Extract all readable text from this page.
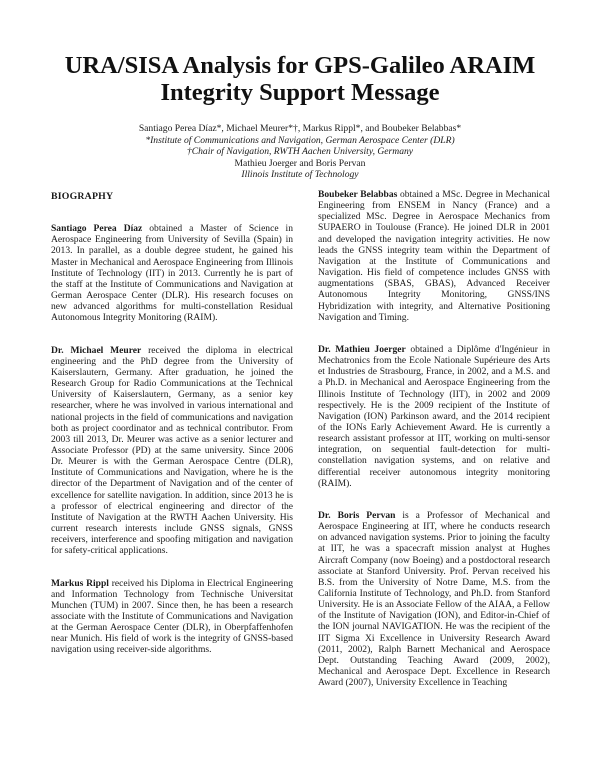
URA/SISA Analysis for GPS-Galileo ARAIM
Integrity Support Message
Santiago Perea Díaz*, Michael Meurer*†, Markus Rippl*, and Boubeker Belabbas*
*Institute of Communications and Navigation, German Aerospace Center (DLR)
†Chair of Navigation, RWTH Aachen University, Germany
Mathieu Joerger and Boris Pervan
Illinois Institute of Technology
BIOGRAPHY

Santiago Perea Díaz obtained a Master of Science in Aerospace Engineering from University of Sevilla (Spain) in 2013. In parallel, as a double degree student, he gained his Master in Mechanical and Aerospace Engineering from Illinois Institute of Technology (IIT) in 2013. Currently he is part of the staff at the Institute of Communications and Navigation at German Aerospace Center (DLR). His research focuses on new advanced algorithms for multi-constellation Residual Autonomous Integrity Monitoring (RAIM).

Dr. Michael Meurer received the diploma in electrical engineering and the PhD degree from the University of Kaiserslautern, Germany. After graduation, he joined the Research Group for Radio Communications at the Technical University of Kaiserslautern, Germany, as a senior key researcher, where he was involved in various international and national projects in the field of communications and navigation both as project coordinator and as technical contributor. From 2003 till 2013, Dr. Meurer was active as a senior lecturer and Associate Professor (PD) at the same university. Since 2006 Dr. Meurer is with the German Aerospace Centre (DLR), Institute of Communications and Navigation, where he is the director of the Department of Navigation and of the center of excellence for satellite navigation. In addition, since 2013 he is a professor of electrical engineering and director of the Institute of Navigation at the RWTH Aachen University. His current research interests include GNSS signals, GNSS receivers, interference and spoofing mitigation and navigation for safety-critical applications.

Markus Rippl received his Diploma in Electrical Engineering and Information Technology from Technische Universitat Munchen (TUM) in 2007. Since then, he has been a research associate with the Institute of Communications and Navigation at the German Aerospace Center (DLR), in Oberpfaffenhofen near Munich. His field of work is the integrity of GNSS-based navigation using receiver-side algorithms.

Boubeker Belabbas obtained a MSc. Degree in Mechanical Engineering from ENSEM in Nancy (France) and a specialized MSc. Degree in Aerospace Mechanics from SUPAERO in Toulouse (France). He joined DLR in 2001 and developed the navigation integrity activities. He now leads the GNSS integrity team within the Department of Navigation at the Institute of Communications and Navigation. His field of competence includes GNSS with augmentations (SBAS, GBAS), Advanced Receiver Autonomous Integrity Monitoring, GNSS/INS Hybridization with integrity, and Alternative Positioning Navigation and Timing.

Dr. Mathieu Joerger obtained a Diplôme d'Ingénieur in Mechatronics from the Ecole Nationale Supérieure des Arts et Industries de Strasbourg, France, in 2002, and a M.S. and a Ph.D. in Mechanical and Aerospace Engineering from the Illinois Institute of Technology (IIT), in 2002 and 2009 respectively. He is the 2009 recipient of the Institute of Navigation (ION) Parkinson award, and the 2014 recipient of the IONs Early Achievement Award. He is currently a research assistant professor at IIT, working on multi-sensor integration, on sequential fault-detection for multi-constellation navigation systems, and on relative and differential receiver autonomous integrity monitoring (RAIM).

Dr. Boris Pervan is a Professor of Mechanical and Aerospace Engineering at IIT, where he conducts research on advanced navigation systems. Prior to joining the faculty at IIT, he was a spacecraft mission analyst at Hughes Aircraft Company (now Boeing) and a postdoctoral research associate at Stanford University. Prof. Pervan received his B.S. from the University of Notre Dame, M.S. from the California Institute of Technology, and Ph.D. from Stanford University. He is an Associate Fellow of the AIAA, a Fellow of the Institute of Navigation (ION), and Editor-in-Chief of the ION journal NAVIGATION. He was the recipient of the IIT Sigma Xi Excellence in University Research Award (2011, 2002), Ralph Barnett Mechanical and Aerospace Dept. Outstanding Teaching Award (2009, 2002), Mechanical and Aerospace Dept. Excellence in Research Award (2007), University Excellence in Teaching
